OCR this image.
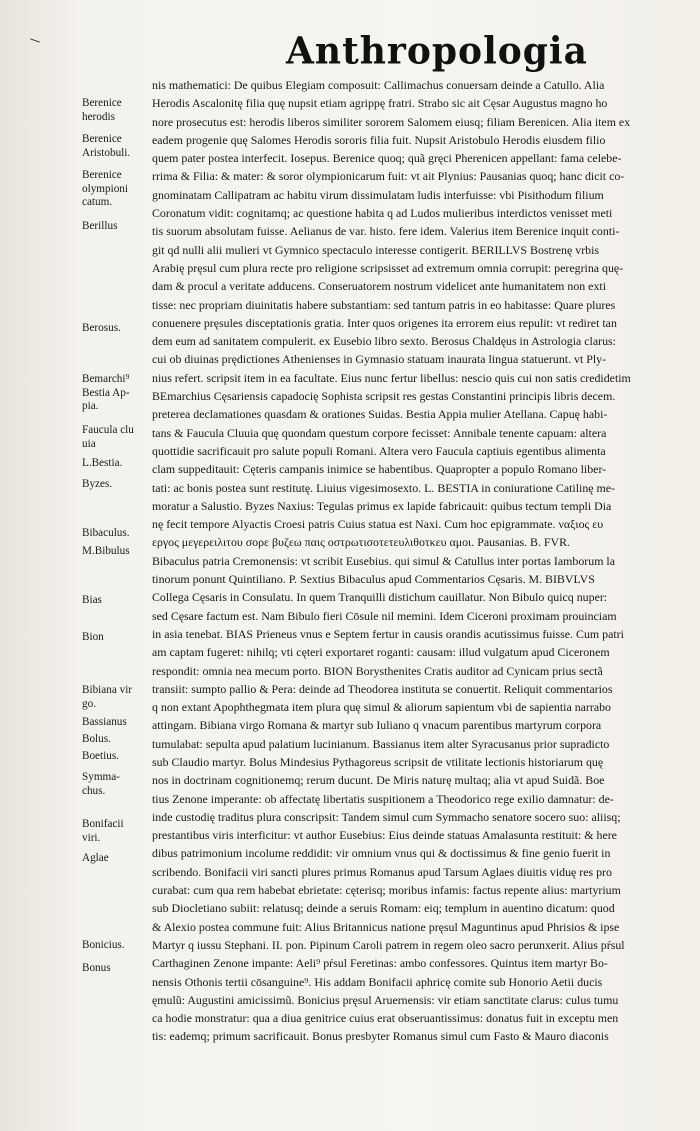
Anthropologia
Berenice
herodis
Berenice
Aristobuli.
Berenice
olympioni
catum.
Berillus
Berosus.
Bemarchi⁹
Bestia Ap-
pia.
Faucula clu
uia
L.Bestia.
Byzes.
Bibaculus.
M.Bibulus
Bias
Bion
Bibiana vir
go.
Bassianus
Bolus.
Boetius.
Symma-
chus.
Bonifacii
viri.
Aglae
Bonicius.
Bonus
nis mathematici: De quibus Elegiam composuit: Callimachus conuersam deinde a Catullo. Alia
Herodis Ascalonitę filia quę nupsit etiam agrippę fratri. Strabo sic ait Cęsar Augustus magno ho
nore prosecutus est: herodis liberos similiter sororem Salomem eiusq; filiam Berenicen. Alia item ex
eadem progenie quę Salomes Herodis sororis filia fuit. Nupsit Aristobulo Herodis eiusdem filio
quem pater postea interfecit. Iosepus. Berenice quoq; quã gręci Pherenicen appellant: fama celebe-
rrima & Filia: & mater: & soror olympionicarum fuit: vt ait Plynius: Pausanias quoq; hanc dicit co-
gnominatam Callipatram ac habitu virum dissimulatam ludis interfuisse: vbi Pisithodum filium
Coronatum vidit: cognitamq; ac questione habita q ad Ludos mulieribus interdictos venisset meti
tis suorum absolutam fuisse. Aelianus de var. histo. fere idem. Valerius item Berenice inquit conti-
git qd nulli alii mulieri vt Gymnico spectaculo interesse contigerit. BERILLVS Bostrenę vrbis
Arabię pręsul cum plura recte pro religione scripsisset ad extremum omnia corrupit: peregrina quę-
dam & procul a veritate adducens. Conseruatorem nostrum videlicet ante humanitatem non exti
tisse: nec propriam diuinitatis habere substantiam: sed tantum patris in eo habitasse: Quare plures
conuenere pręsules disceptationis gratia. Inter quos origenes ita errorem eius repulit: vt rediret tan
dem eum ad sanitatem compulerit. ex Eusebio libro sexto. Berosus Chaldęus in Astrologia clarus:
cui ob diuinas prędictiones Athenienses in Gymnasio statuam inaurata lingua statuerunt. vt Ply-
nius refert. scripsit item in ea facultate. Eius nunc fertur libellus: nescio quis cui non satis credidetim
BEmarchius Cęsariensis capadocię Sophista scripsit res gestas Constantini principis libris decem.
preterea declamationes quasdam & orationes Suidas. Bestia Appia mulier Atellana. Capuę habi-
tans & Faucula Cluuia quę quondam questum corpore fecisset: Annibale tenente capuam: altera
quottidie sacrificauit pro salute populi Romani. Altera vero Faucula captiuis egentibus alimenta
clam suppeditauit: Cęteris campanis inimice se habentibus. Quapropter a populo Romano liber-
tati: ac bonis postea sunt restitutę. Liuius vigesimosexto. L. BESTIA in coniuratione Catilinę me-
moratur a Salustio. Byzes Naxius: Tegulas primus ex lapide fabricauit: quibus tectum templi Dia
nę fecit tempore Alyactis Croesi patris Cuius statua est Naxi. Cum hoc epigrammate. ναξιος ευ
εργος μεγερειλιτου σορε βυζεω παις οστρωτισοτετευλιθοτκευ αμοι. Pausanias. B. FVR.
Bibaculus patria Cremonensis: vt scribit Eusebius. qui simul & Catullus inter portas Iamborum la
tinorum ponunt Quintiliano. P. Sextius Bibaculus apud Commentarios Cęsaris. M. BIBVLVS
Collega Cęsaris in Consulatu. In quem Tranquilli distichum cauillatur. Non Bibulo quicq nuper:
sed Cęsare factum est. Nam Bibulo fieri Cōsule nil memini. Idem Ciceroni proximam prouinciam
in asia tenebat. BIAS Prieneus vnus e Septem fertur in causis orandis acutissimus fuisse. Cum patri
am captam fugeret: nihilq; vti cęteri exportaret roganti: causam: illud vulgatum apud Ciceronem
respondit: omnia nea mecum porto. BION Borysthenites Cratis auditor ad Cynicam prius sectã
transiit: sumpto pallio & Pera: deinde ad Theodorea instituta se conuertit. Reliquit commentarios
q non extant Apophthegmata item plura quę simul & aliorum sapientum vbi de sapientia narrabo
attingam. Bibiana virgo Romana & martyr sub Iuliano q vnacum parentibus martyrum corpora
tumulabat: sepulta apud palatium lucinianum. Bassianus item alter Syracusanus prior supradicto
sub Claudio martyr. Bolus Mindesius Pythagoreus scripsit de vtilitate lectionis historiarum quę
nos in doctrinam cognitionemq; rerum ducunt. De Miris naturę multaq; alia vt apud Suidã. Boe
tius Zenone imperante: ob affectatę libertatis suspitionem a Theodorico rege exilio damnatur: de-
inde custodię traditus plura conscripsit: Tandem simul cum Symmacho senatore socero suo: aliisq;
prestantibus viris interficitur: vt author Eusebius: Eius deinde statuas Amalasunta restituit: & here
dibus patrimonium incolume reddidit: vir omnium vnus qui & doctissimus & fine genio fuerit in
scribendo. Bonifacii viri sancti plures primus Romanus apud Tarsum Aglaes diuitis viduę res pro
curabat: cum qua rem habebat ebrietate: cęterisq; moribus infamis: factus repente alius: martyrium
sub Diocletiano subiit: relatusq; deinde a seruis Romam: eiq; templum in auentino dicatum: quod
& Alexio postea commune fuit: Alius Britannicus natione pręsul Maguntinus apud Phrisios & ipse
Martyr q iussu Stephani. II. pon. Pipinum Caroli patrem in regem oleo sacro perunxerit. Alius pŕsul
Carthaginen Zenone impante: Aeli⁹ pŕsul Feretinas: ambo confessores. Quintus item martyr Bo-
nensis Othonis tertii cōsanguine⁹. His addam Bonifacii aphricę comite sub Honorio Aetii ducis
ęmulũ: Augustini amicissimũ. Bonicius pręsul Aruernensis: vir etiam sanctitate clarus: culus tumu
ca hodie monstratur: qua a diua genitrice cuius erat obseruantissimus: donatus fuit in exceptu men
tis: eademq; primum sacrificauit. Bonus presbyter Romanus simul cum Fasto & Mauro diaconis
